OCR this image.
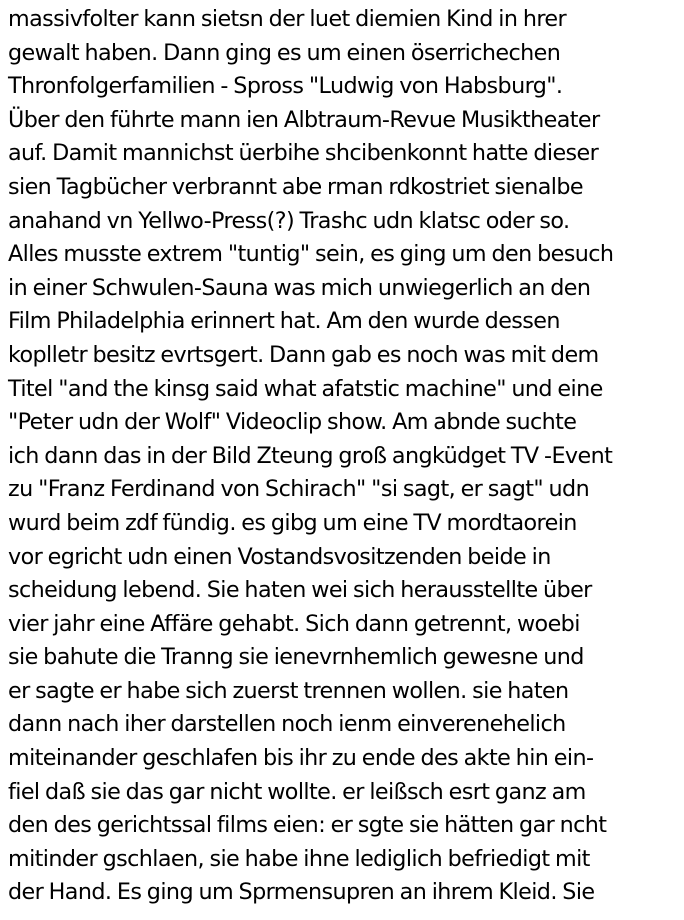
massivfolter kann sietsn der luet diemien Kind in hrer
gewalt haben. Dann ging es um einen öserrichechen
Thronfolgerfamilien - Spross "Ludwig von Habsburg".
Über den führte mann ien Albtraum-Revue Musiktheater
auf. Damit mannichst üerbihe shcibenkonnt hatte dieser
sien Tagbücher verbrannt abe rman rdkostriet sienalbe
anahand vn Yellwo-Press(?) Trashc udn klatsc oder so.
Alles musste extrem "tuntig" sein, es ging um den besuch
in einer Schwulen-Sauna was mich unwiegerlich an den
Film Philadelphia erinnert hat. Am den wurde dessen
koplletr besitz evrtsgert. Dann gab es noch was mit dem
Titel "and the kinsg said what afatstic machine" und eine
"Peter udn der Wolf" Videoclip show. Am abnde suchte
ich dann das in der Bild Zteung groß angküdget TV -Event
zu "Franz Ferdinand von Schirach" "si sagt, er sagt" udn
wurd beim zdf fündig. es gibg um eine TV mordtaorein
vor egricht udn einen Vostandsvositzenden beide in
scheidung lebend. Sie haten wei sich herausstellte über
vier jahr eine Affäre gehabt. Sich dann getrennt, woebi
sie bahute die Tranng sie ienevrnhemlich gewesne und
er sagte er habe sich zuerst trennen wollen. sie haten
dann nach iher darstellen noch ienm einverenehelich
miteinander geschlafen bis ihr zu ende des akte hin ein-
fiel daß sie das gar nicht wollte. er leißsch esrt ganz am
den des gerichtssal films eien: er sgte sie hätten gar ncht
mitinder gschlaen, sie habe ihne lediglich befriedigt mit
der Hand. Es ging um Sprmensupren an ihrem Kleid. Sie
